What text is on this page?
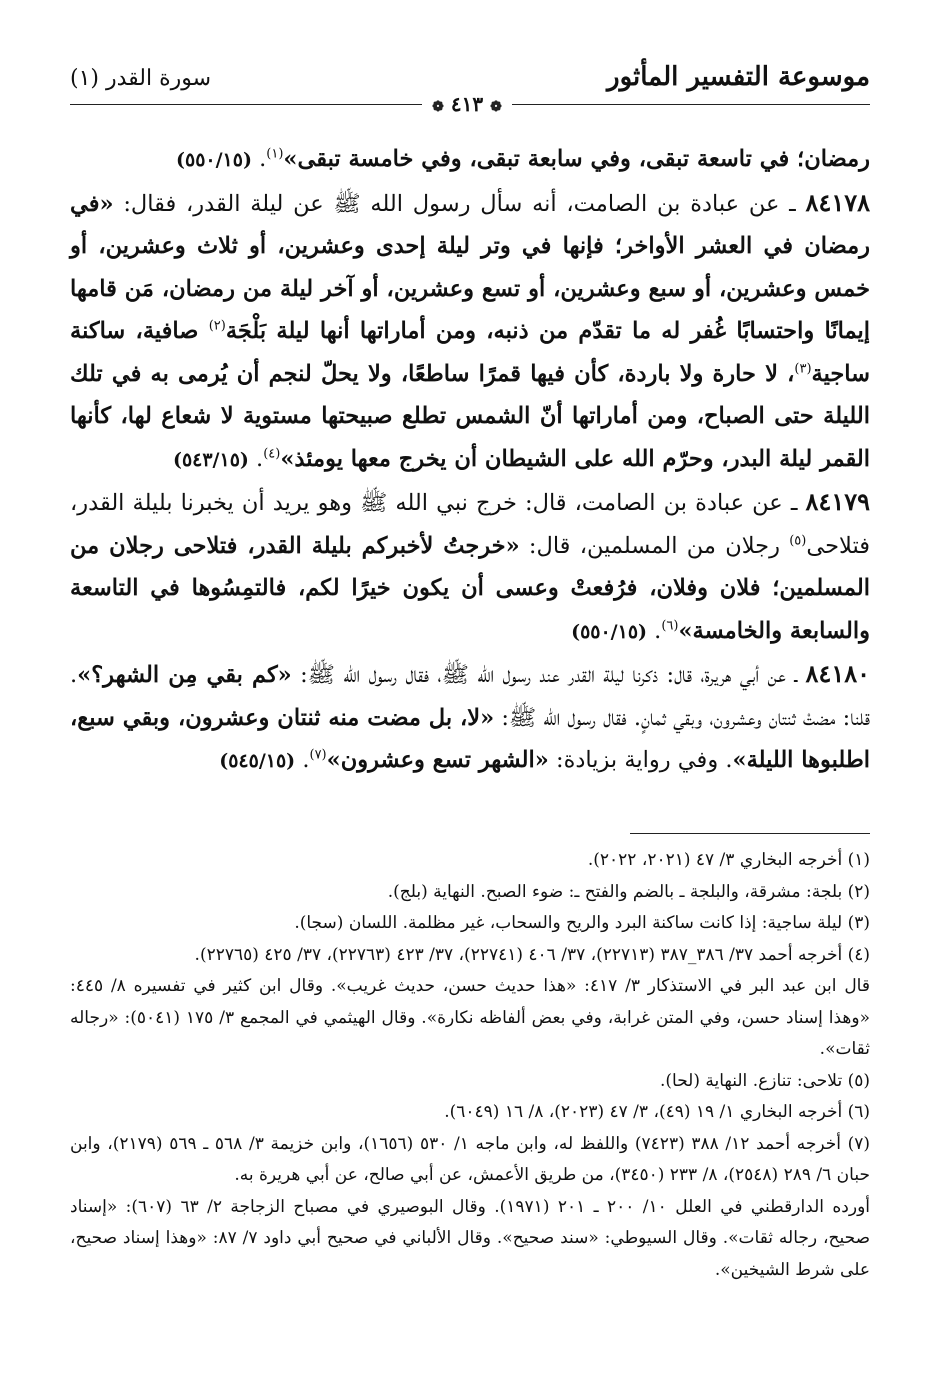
موسوعة التفسير المأثور
سورة القدر (١)
❁ ٤١٣ ❁

رمضان؛ في تاسعة تبقى، وفي سابعة تبقى، وفي خامسة تبقى»$^{(١)}$. (٥٥٠/١٥)

٨٤١٧٨ ـ عن عبادة بن الصامت، أنه سأل رسول الله ﷺ عن ليلة القدر، فقال: «في رمضان في العشر الأواخر؛ فإنها في وتر ليلة إحدى وعشرين، أو ثلاث وعشرين، أو خمس وعشرين، أو سبع وعشرين، أو تسع وعشرين، أو آخر ليلة من رمضان، مَن قامها إيمانًا واحتسابًا غُفر له ما تقدّم من ذنبه، ومن أماراتها أنها ليلة بَلْجَة$^{(٢)}$ صافية، ساكنة ساجية$^{(٣)}$، لا حارة ولا باردة، كأن فيها قمرًا ساطعًا، ولا يحلّ لنجم أن يُرمى به في تلك الليلة حتى الصباح، ومن أماراتها أنّ الشمس تطلع صبيحتها مستوية لا شعاع لها، كأنها القمر ليلة البدر، وحرّم الله على الشيطان أن يخرج معها يومئذ»$^{(٤)}$. (٥٤٣/١٥)

٨٤١٧٩ ـ عن عبادة بن الصامت، قال: خرج نبي الله ﷺ وهو يريد أن يخبرنا بليلة القدر، فتلاحى$^{(٥)}$ رجلان من المسلمين، قال: «خرجتُ لأخبركم بليلة القدر، فتلاحى رجلان من المسلمين؛ فلان وفلان، فرُفعتْ وعسى أن يكون خيرًا لكم، فالتمِسُوها في التاسعة والسابعة والخامسة»$^{(٦)}$. (٥٥٠/١٥)

٨٤١٨٠ ـ عن أبي هريرة، قال: ذكرنا ليلة القدر عند رسول الله ﷺ، فقال رسول الله ﷺ: «كم بقي مِن الشهر؟». قلنا: مضتْ ثنتان وعشرون، وبقي ثمانٍ. فقال رسول الله ﷺ: «لا، بل مضت منه ثنتان وعشرون، وبقي سبع، اطلبوها الليلة». وفي رواية بزيادة: «الشهر تسع وعشرون»$^{(٧)}$. (٥٤٥/١٥)

(١) أخرجه البخاري ٣/ ٤٧ (٢٠٢١، ٢٠٢٢).

(٢) بلجة: مشرقة، والبلجة ـ بالضم والفتح ـ: ضوء الصبح. النهاية (بلج).

(٣) ليلة ساجية: إذا كانت ساكنة البرد والريح والسحاب، غير مظلمة. اللسان (سجا).

(٤) أخرجه أحمد ٣٧/ ٣٨٦_٣٨٧ (٢٢٧١٣)، ٣٧/ ٤٠٦ (٢٢٧٤١)، ٣٧/ ٤٢٣ (٢٢٧٦٣)، ٣٧/ ٤٢٥ (٢٢٧٦٥).

قال ابن عبد البر في الاستذكار ٣/ ٤١٧: «هذا حديث حسن، حديث غريب». وقال ابن كثير في تفسيره ٨/ ٤٤٥: «وهذا إسناد حسن، وفي المتن غرابة، وفي بعض ألفاظه نكارة». وقال الهيثمي في المجمع ٣/ ١٧٥ (٥٠٤١): «رجاله ثقات».

(٥) تلاحى: تنازع. النهاية (لحا).

(٦) أخرجه البخاري ١/ ١٩ (٤٩)، ٣/ ٤٧ (٢٠٢٣)، ٨/ ١٦ (٦٠٤٩).

(٧) أخرجه أحمد ١٢/ ٣٨٨ (٧٤٢٣) واللفظ له، وابن ماجه ١/ ٥٣٠ (١٦٥٦)، وابن خزيمة ٣/ ٥٦٨ ـ ٥٦٩ (٢١٧٩)، وابن حبان ٦/ ٢٨٩ (٢٥٤٨)، ٨/ ٢٣٣ (٣٤٥٠)، من طريق الأعمش، عن أبي صالح، عن أبي هريرة به.

أورده الدارقطني في العلل ١٠/ ٢٠٠ ـ ٢٠١ (١٩٧١). وقال البوصيري في مصباح الزجاجة ٢/ ٦٣ (٦٠٧): «إسناد صحيح، رجاله ثقات». وقال السيوطي: «سند صحيح». وقال الألباني في صحيح أبي داود ٧/ ٨٧: «وهذا إسناد صحيح، على شرط الشيخين».
